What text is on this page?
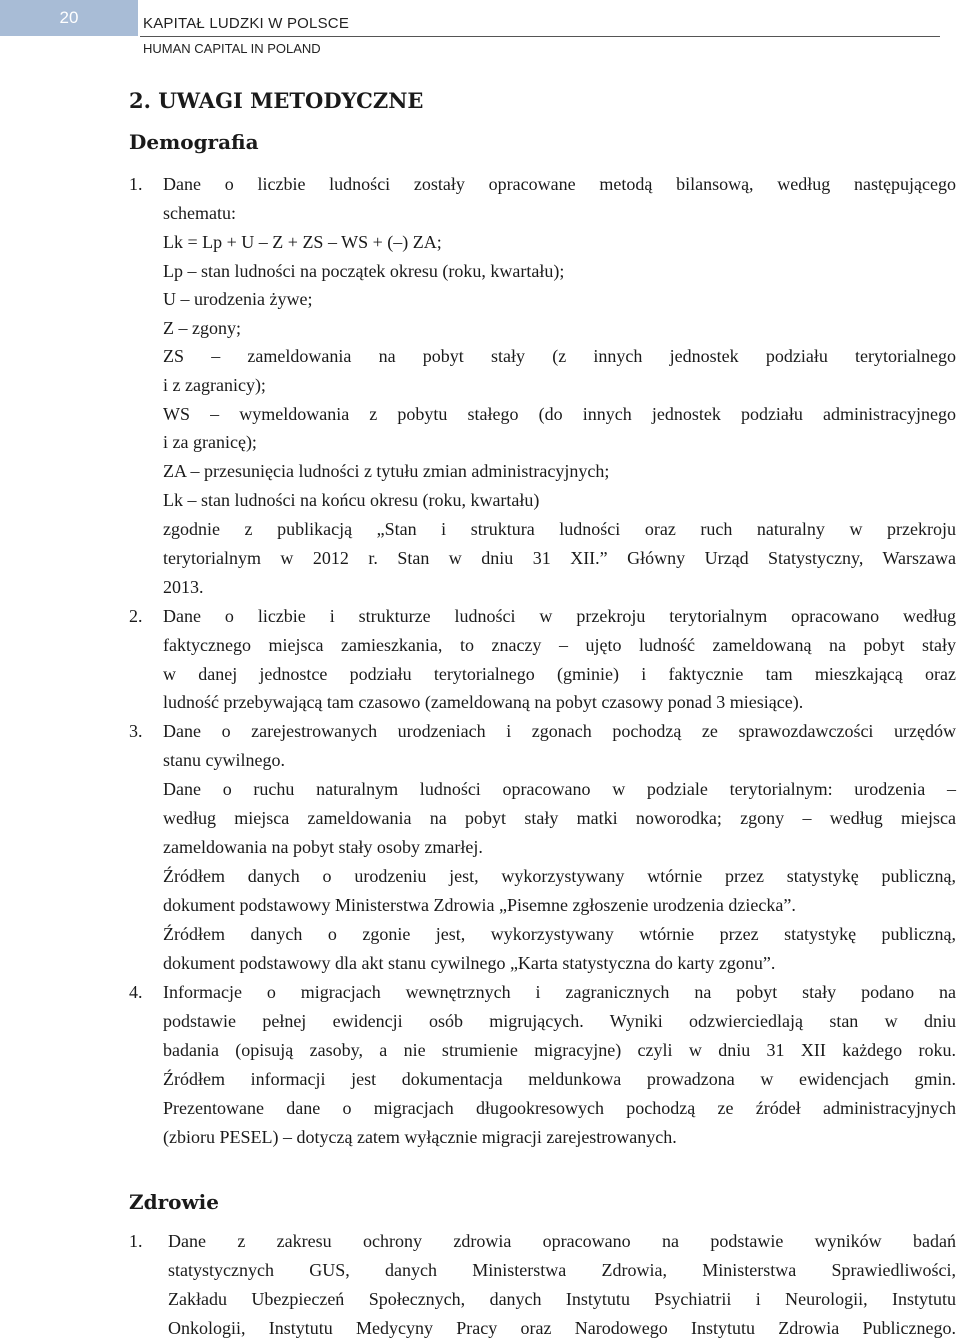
20	KAPITAŁ LUDZKI W POLSCE
HUMAN CAPITAL IN POLAND
2. UWAGI METODYCZNE
Demografia
1. Dane o liczbie ludności zostały opracowane metodą bilansową, według następującego
schematu:
Lk = Lp + U – Z + ZS – WS + (–) ZA;
Lp – stan ludności na początek okresu (roku, kwartału);
U – urodzenia żywe;
Z – zgony;
ZS – zameldowania na pobyt stały (z innych jednostek podziału terytorialnego
i z zagranicy);
WS – wymeldowania z pobytu stałego (do innych jednostek podziału administracyjnego
i za granicę);
ZA – przesunięcia ludności z tytułu zmian administracyjnych;
Lk – stan ludności na końcu okresu (roku, kwartału)
zgodnie z publikacją „Stan i struktura ludności oraz ruch naturalny w przekroju
terytorialnym w 2012 r. Stan w dniu 31 XII.” Główny Urząd Statystyczny, Warszawa
2013.
2. Dane o liczbie i strukturze ludności w przekroju terytorialnym opracowano według
faktycznego miejsca zamieszkania, to znaczy – ujęto ludność zameldowaną na pobyt stały
w danej jednostce podziału terytorialnego (gminie) i faktycznie tam mieszkającą oraz
ludność przebywającą tam czasowo (zameldowaną na pobyt czasowy ponad 3 miesiące).
3. Dane o zarejestrowanych urodzeniach i zgonach pochodzą ze sprawozdawczości urzędów
stanu cywilnego.
Dane o ruchu naturalnym ludności opracowano w podziale terytorialnym: urodzenia –
według miejsca zameldowania na pobyt stały matki noworodka; zgony – według miejsca
zameldowania na pobyt stały osoby zmarłej.
Źródłem danych o urodzeniu jest, wykorzystywany wtórnie przez statystykę publiczną,
dokument podstawowy Ministerstwa Zdrowia „Pisemne zgłoszenie urodzenia dziecka”.
Źródłem danych o zgonie jest, wykorzystywany wtórnie przez statystykę publiczną,
dokument podstawowy dla akt stanu cywilnego „Karta statystyczna do karty zgonu”.
4. Informacje o migracjach wewnętrznych i zagranicznych na pobyt stały podano na
podstawie pełnej ewidencji osób migrujących. Wyniki odzwierciedlają stan w dniu
badania (opisują zasoby, a nie strumienie migracyjne) czyli w dniu 31 XII każdego roku.
Źródłem informacji jest dokumentacja meldunkowa prowadzona w ewidencjach gmin.
Prezentowane dane o migracjach długookresowych pochodzą ze źródeł administracyjnych
(zbioru PESEL) – dotyczą zatem wyłącznie migracji zarejestrowanych.
1. Dane z zakresu ochrony zdrowia opracowano na podstawie wyników badań
statystycznych GUS, danych Ministerstwa Zdrowia, Ministerstwa Sprawiedliwości,
Zakładu Ubezpieczeń Społecznych, danych Instytutu Psychiatrii i Neurologii, Instytutu
Onkologii, Instytutu Medycyny Pracy oraz Narodowego Instytutu Zdrowia Publicznego.
Zdrowie
